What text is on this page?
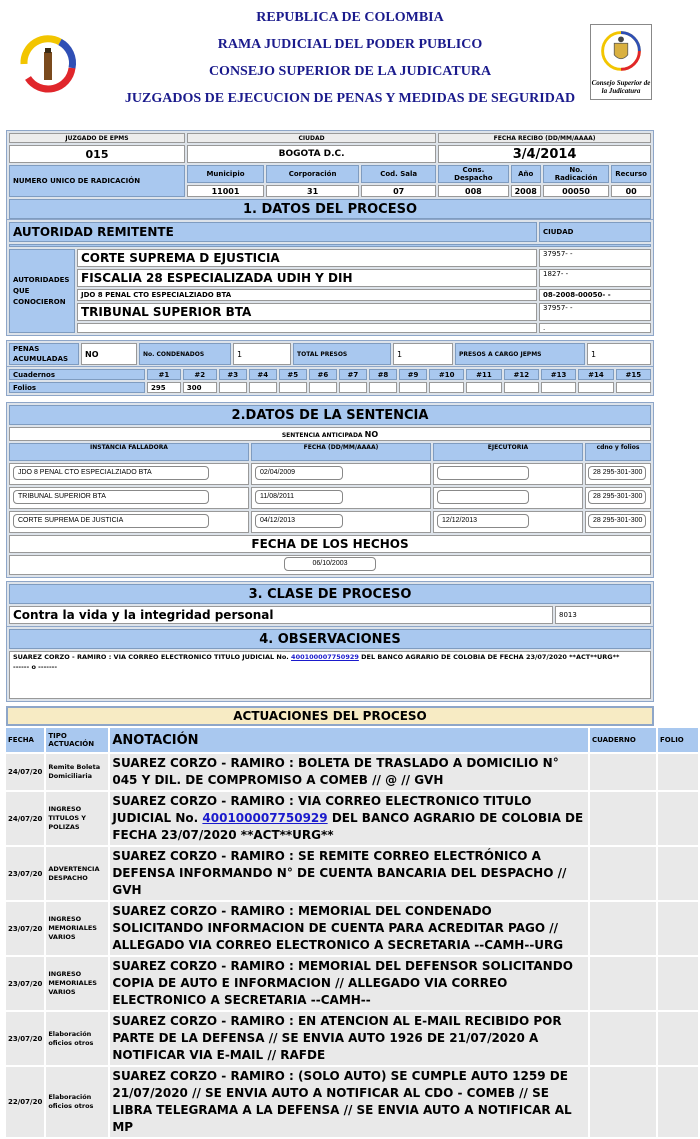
REPUBLICA DE COLOMBIA
RAMA JUDICIAL DEL PODER PUBLICO
CONSEJO SUPERIOR DE LA JUDICATURA
JUZGADOS DE EJECUCION DE PENAS Y MEDIDAS DE SEGURIDAD
Consejo Superior de la Judicatura
JUZGADO DE EPMS	CIUDAD			FECHA RECIBO (DD/MM/AAAA)			
015	BOGOTA D.C.			3/4/2014			
NUMERO UNICO DE RADICACIÓN	Municipio	Corporación	Cod. Sala	Cons. Despacho	Año	No. Radicación	Recurso
	11001	31	07	008	2008	00050	00
1. DATOS DEL PROCESO							
AUTORIDAD REMITENTE		CIUDAD

AUTORIDADES QUE CONOCIERON	CORTE SUPREMA D EJUSTICIA	37957- -
	FISCALIA 28 ESPECIALIZADA UDIH Y DIH	1827- -
	JDO 8 PENAL CTO ESPECIALZIADO BTA	08-2008-00050- -
	TRIBUNAL SUPERIOR BTA	37957- -
		.
PENAS ACUMULADAS	NO	No. CONDENADOS	1	TOTAL PRESOS	1	PRESOS A CARGO JEPMS	1
Cuadernos	#1	#2	#3	#4	#5	#6	#7	#8	#9	#10	#11	#12	#13	#14	#15
Folios	295	300													
2.DATOS DE LA SENTENCIA			
SENTENCIA ANTICIPADA NO			
INSTANCIA FALLADORA	FECHA (DD/MM/AAAA)	EJECUTORIA	cdno y folios
JDO 8 PENAL CTO ESPECIALZIADO BTA	02/04/2009		28 295-301-300
TRIBUNAL SUPERIOR BTA	11/08/2011		28 295-301-300
CORTE SUPREMA DE JUSTICIA	04/12/2013	12/12/2013	28 295-301-300
FECHA DE LOS HECHOS			
06/10/2003			
3. CLASE DE PROCESO
Contra la vida y la integridad personal	8013
4. OBSERVACIONES
SUAREZ CORZO - RAMIRO : VIA CORREO ELECTRONICO TITULO JUDICIAL No. 400100007750929 DEL BANCO AGRARIO DE COLOBIA DE FECHA 23/07/2020 **ACT**URG**
------ o -------
ACTUACIONES DEL PROCESO
FECHA	TIPO ACTUACIÓN	ANOTACIÓN	CUADERNO	FOLIO
24/07/20	Remite Boleta Domiciliaria	SUAREZ CORZO - RAMIRO : BOLETA DE TRASLADO A DOMICILIO N° 045 Y DIL. DE COMPROMISO A COMEB // @ // GVH		
24/07/20	INGRESO TITULOS Y POLIZAS	SUAREZ CORZO - RAMIRO : VIA CORREO ELECTRONICO TITULO JUDICIAL No. 400100007750929 DEL BANCO AGRARIO DE COLOBIA DE FECHA 23/07/2020 **ACT**URG**		
23/07/20	ADVERTENCIA DESPACHO	SUAREZ CORZO - RAMIRO : SE REMITE CORREO ELECTRÓNICO A DEFENSA INFORMANDO N° DE CUENTA BANCARIA DEL DESPACHO // GVH		
23/07/20	INGRESO MEMORIALES VARIOS	SUAREZ CORZO - RAMIRO : MEMORIAL DEL CONDENADO SOLICITANDO INFORMACION DE CUENTA PARA ACREDITAR PAGO // ALLEGADO VIA CORREO ELECTRONICO A SECRETARIA --CAMH--URG		
23/07/20	INGRESO MEMORIALES VARIOS	SUAREZ CORZO - RAMIRO : MEMORIAL DEL DEFENSOR SOLICITANDO COPIA DE AUTO E INFORMACION // ALLEGADO VIA CORREO ELECTRONICO A SECRETARIA --CAMH--		
23/07/20	Elaboración oficios otros	SUAREZ CORZO - RAMIRO : EN ATENCION AL E-MAIL RECIBIDO POR PARTE DE LA DEFENSA // SE ENVIA AUTO 1926 DE 21/07/2020 A NOTIFICAR VIA E-MAIL // RAFDE		
22/07/20	Elaboración oficios otros	SUAREZ CORZO - RAMIRO : (SOLO AUTO) SE CUMPLE AUTO 1259 DE 21/07/2020 // SE ENVIA AUTO A NOTIFICAR AL CDO - COMEB // SE LIBRA TELEGRAMA A LA DEFENSA // SE ENVIA AUTO A NOTIFICAR AL MP		
